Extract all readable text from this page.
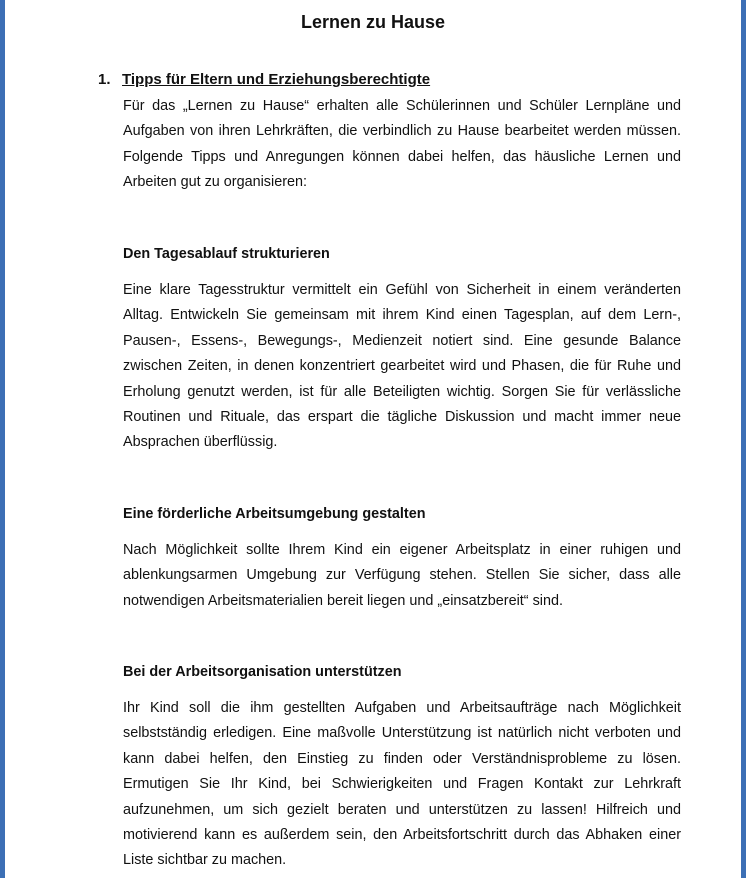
Lernen zu Hause
1. Tipps für Eltern und Erziehungsberechtigte

Für das „Lernen zu Hause“ erhalten alle Schülerinnen und Schüler Lernpläne und Aufgaben von ihren Lehrkräften, die verbindlich zu Hause bearbeitet werden müssen. Folgende Tipps und Anregungen können dabei helfen, das häusliche Lernen und Arbeiten gut zu organisieren:

Den Tagesablauf strukturieren

Eine klare Tagesstruktur vermittelt ein Gefühl von Sicherheit in einem veränderten Alltag. Entwickeln Sie gemeinsam mit ihrem Kind einen Tagesplan, auf dem Lern-, Pausen-, Essens-, Bewegungs-, Medienzeit notiert sind. Eine gesunde Balance zwischen Zeiten, in denen konzentriert gearbeitet wird und Phasen, die für Ruhe und Erholung genutzt werden, ist für alle Beteiligten wichtig. Sorgen Sie für verlässliche Routinen und Rituale, das erspart die tägliche Diskussion und macht immer neue Absprachen überflüssig.

Eine förderliche Arbeitsumgebung gestalten

Nach Möglichkeit sollte Ihrem Kind ein eigener Arbeitsplatz in einer ruhigen und ablenkungsarmen Umgebung zur Verfügung stehen. Stellen Sie sicher, dass alle notwendigen Arbeitsmaterialien bereit liegen und „einsatzbereit“ sind.

Bei der Arbeitsorganisation unterstützen

Ihr Kind soll die ihm gestellten Aufgaben und Arbeitsaufträge nach Möglichkeit selbstständig erledigen. Eine maßvolle Unterstützung ist natürlich nicht verboten und kann dabei helfen, den Einstieg zu finden oder Verständnisprobleme zu lösen. Ermutigen Sie Ihr Kind, bei Schwierigkeiten und Fragen Kontakt zur Lehrkraft aufzunehmen, um sich gezielt beraten und unterstützen zu lassen! Hilfreich und motivierend kann es außerdem sein, den Arbeitsfortschritt durch das Abhaken einer Liste sichtbar zu machen.
